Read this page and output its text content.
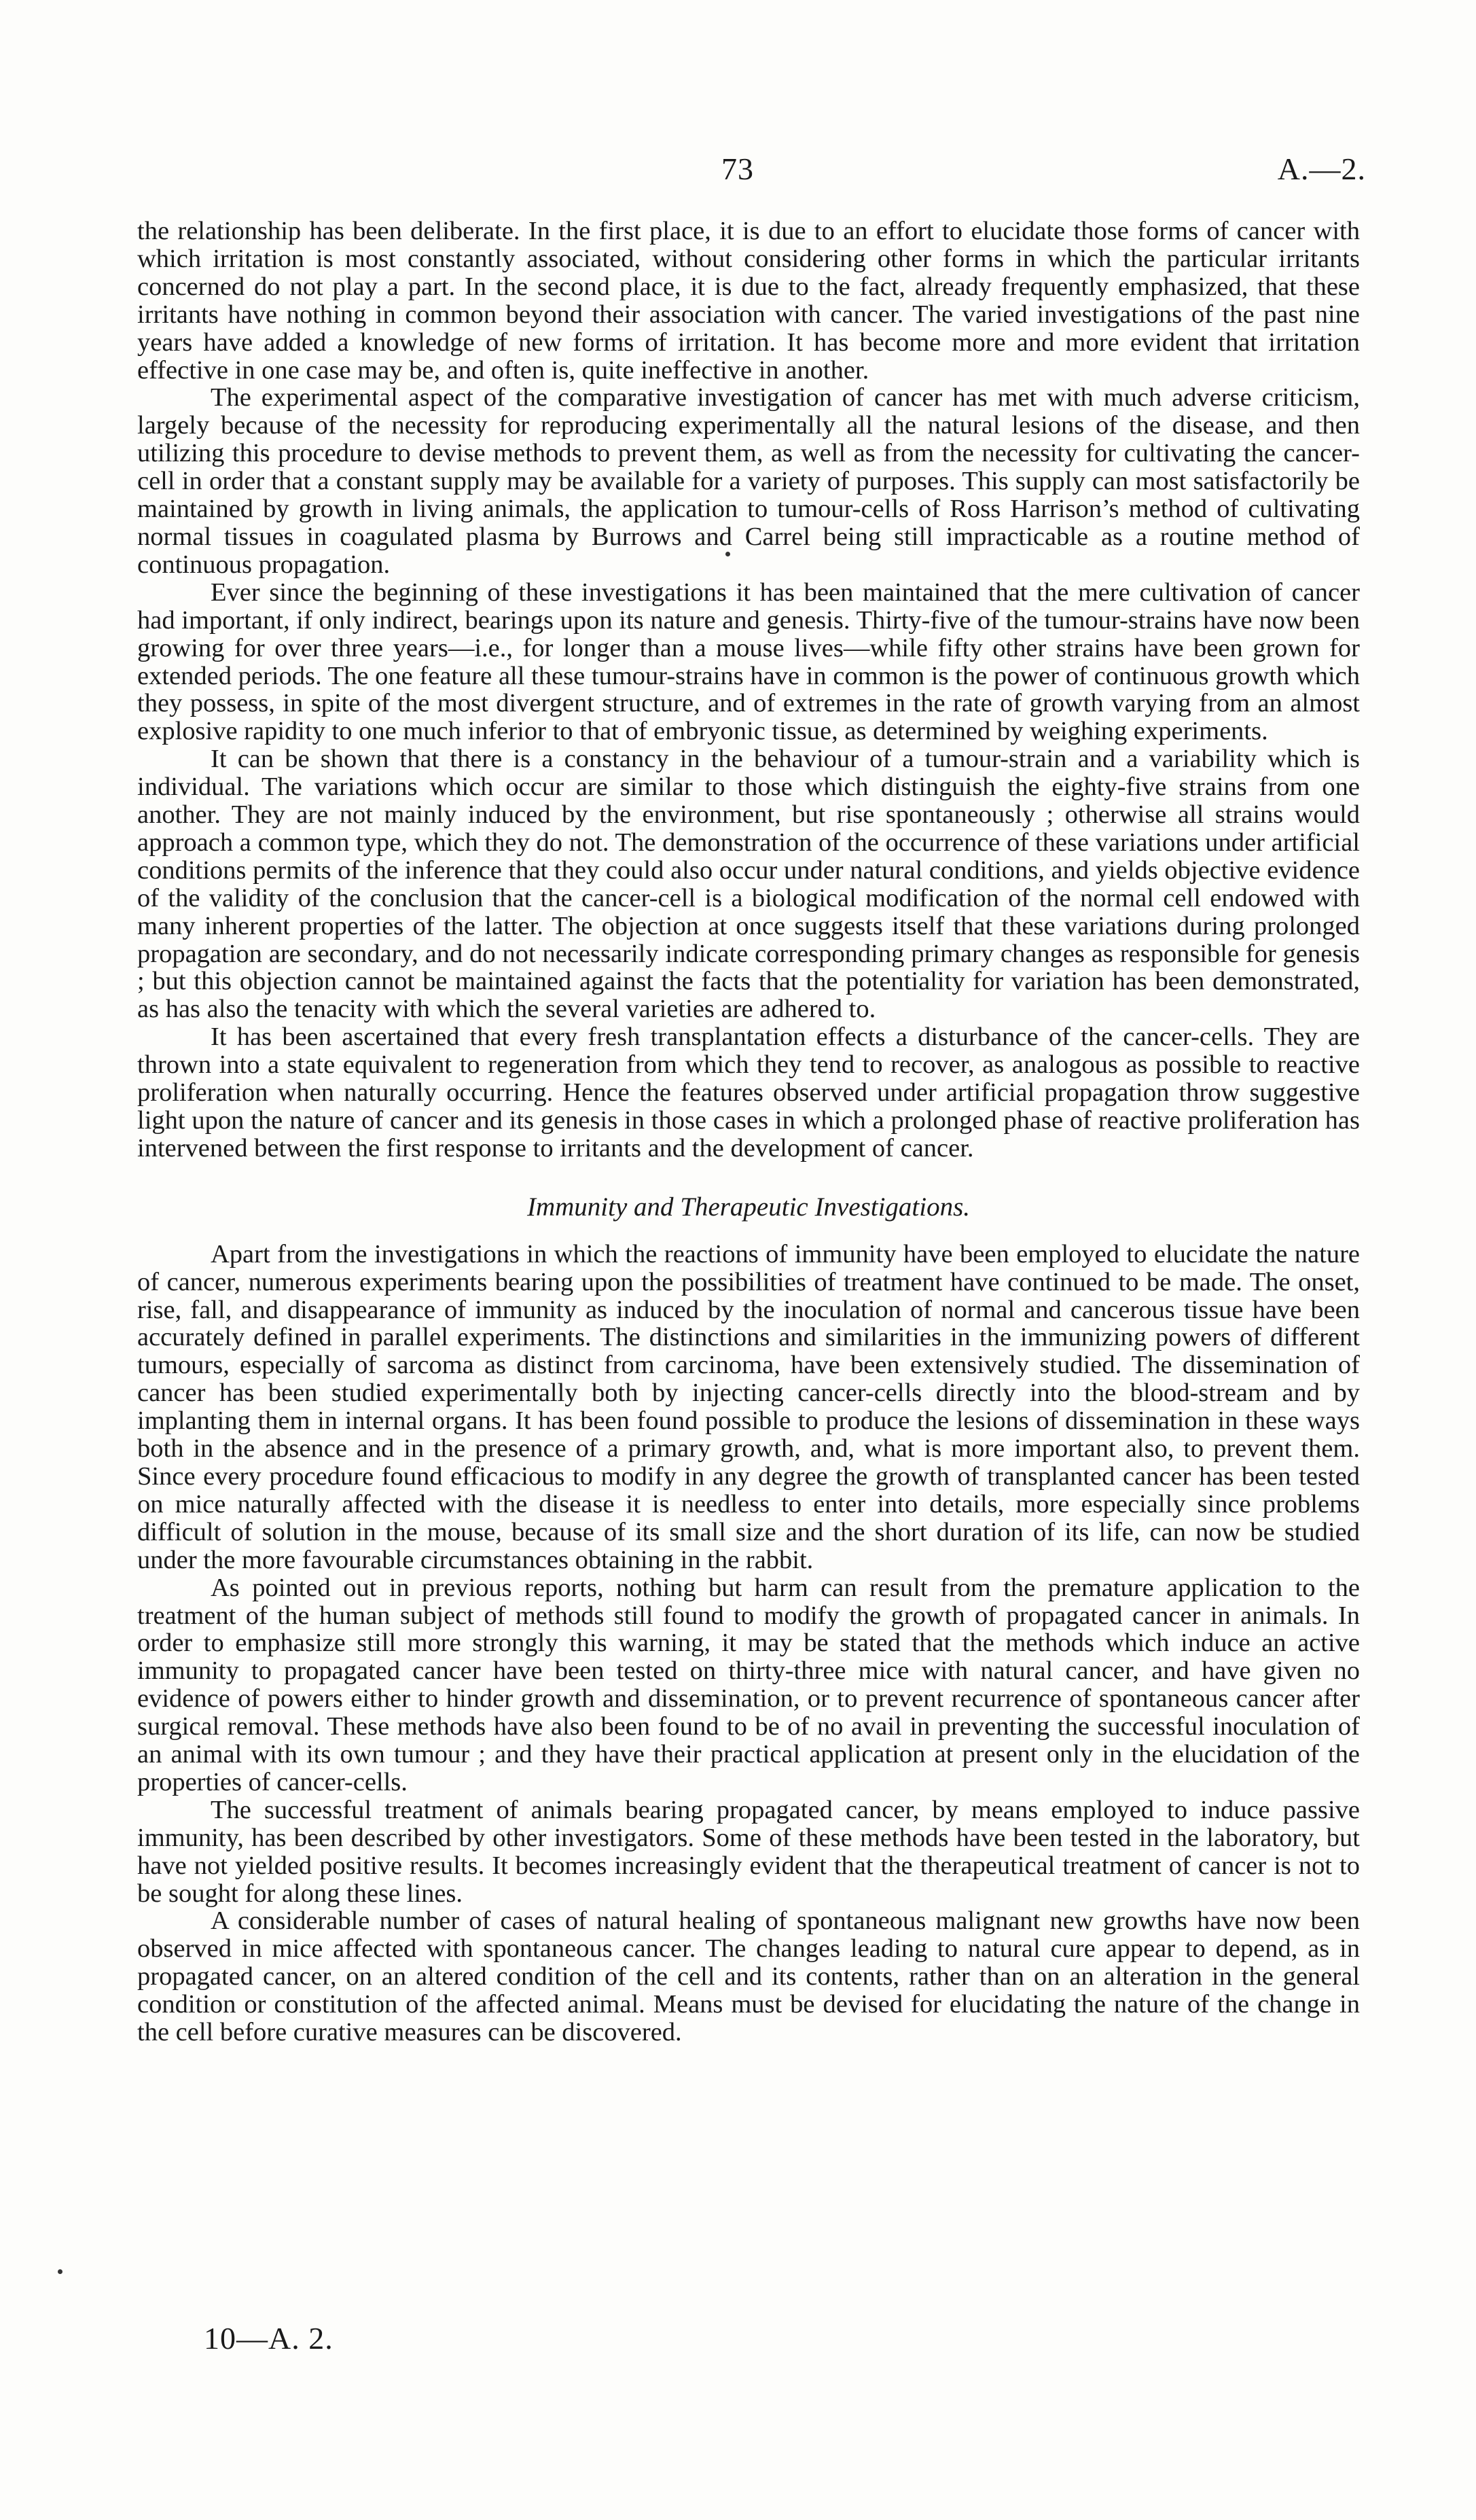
73	A.—2.

the relationship has been deliberate. In the first place, it is due to an effort to elucidate those forms of cancer with which irritation is most constantly associated, without considering other forms in which the particular irritants concerned do not play a part. In the second place, it is due to the fact, already frequently emphasized, that these irritants have nothing in common beyond their association with cancer. The varied investigations of the past nine years have added a knowledge of new forms of irritation. It has become more and more evident that irritation effective in one case may be, and often is, quite ineffective in another.

The experimental aspect of the comparative investigation of cancer has met with much adverse criticism, largely because of the necessity for reproducing experimentally all the natural lesions of the disease, and then utilizing this procedure to devise methods to prevent them, as well as from the necessity for cultivating the cancer-cell in order that a constant supply may be available for a variety of purposes. This supply can most satisfactorily be maintained by growth in living animals, the application to tumour-cells of Ross Harrison’s method of cultivating normal tissues in coagulated plasma by Burrows and Carrel being still impracticable as a routine method of continuous propagation.

Ever since the beginning of these investigations it has been maintained that the mere cultivation of cancer had important, if only indirect, bearings upon its nature and genesis. Thirty-five of the tumour-strains have now been growing for over three years—i.e., for longer than a mouse lives—while fifty other strains have been grown for extended periods. The one feature all these tumour-strains have in common is the power of continuous growth which they possess, in spite of the most divergent structure, and of extremes in the rate of growth varying from an almost explosive rapidity to one much inferior to that of embryonic tissue, as determined by weighing experiments.

It can be shown that there is a constancy in the behaviour of a tumour-strain and a variability which is individual. The variations which occur are similar to those which distinguish the eighty-five strains from one another. They are not mainly induced by the environment, but rise spontaneously ; otherwise all strains would approach a common type, which they do not. The demonstration of the occurrence of these variations under artificial conditions permits of the inference that they could also occur under natural conditions, and yields objective evidence of the validity of the conclusion that the cancer-cell is a biological modification of the normal cell endowed with many inherent properties of the latter. The objection at once suggests itself that these variations during prolonged propagation are secondary, and do not necessarily indicate corresponding primary changes as responsible for genesis ; but this objection cannot be maintained against the facts that the potentiality for variation has been demonstrated, as has also the tenacity with which the several varieties are adhered to.

It has been ascertained that every fresh transplantation effects a disturbance of the cancer-cells. They are thrown into a state equivalent to regeneration from which they tend to recover, as analogous as possible to reactive proliferation when naturally occurring. Hence the features observed under artificial propagation throw suggestive light upon the nature of cancer and its genesis in those cases in which a prolonged phase of reactive proliferation has intervened between the first response to irritants and the development of cancer.

Immunity and Therapeutic Investigations.

Apart from the investigations in which the reactions of immunity have been employed to elucidate the nature of cancer, numerous experiments bearing upon the possibilities of treatment have continued to be made. The onset, rise, fall, and disappearance of immunity as induced by the inoculation of normal and cancerous tissue have been accurately defined in parallel experiments. The distinctions and similarities in the immunizing powers of different tumours, especially of sarcoma as distinct from carcinoma, have been extensively studied. The dissemination of cancer has been studied experimentally both by injecting cancer-cells directly into the blood-stream and by implanting them in internal organs. It has been found possible to produce the lesions of dissemination in these ways both in the absence and in the presence of a primary growth, and, what is more important also, to prevent them. Since every procedure found efficacious to modify in any degree the growth of transplanted cancer has been tested on mice naturally affected with the disease it is needless to enter into details, more especially since problems difficult of solution in the mouse, because of its small size and the short duration of its life, can now be studied under the more favourable circumstances obtaining in the rabbit.

As pointed out in previous reports, nothing but harm can result from the premature application to the treatment of the human subject of methods still found to modify the growth of propagated cancer in animals. In order to emphasize still more strongly this warning, it may be stated that the methods which induce an active immunity to propagated cancer have been tested on thirty-three mice with natural cancer, and have given no evidence of powers either to hinder growth and dissemination, or to prevent recurrence of spontaneous cancer after surgical removal. These methods have also been found to be of no avail in preventing the successful inoculation of an animal with its own tumour ; and they have their practical application at present only in the elucidation of the properties of cancer-cells.

The successful treatment of animals bearing propagated cancer, by means employed to induce passive immunity, has been described by other investigators. Some of these methods have been tested in the laboratory, but have not yielded positive results. It becomes increasingly evident that the therapeutical treatment of cancer is not to be sought for along these lines.

A considerable number of cases of natural healing of spontaneous malignant new growths have now been observed in mice affected with spontaneous cancer. The changes leading to natural cure appear to depend, as in propagated cancer, on an altered condition of the cell and its contents, rather than on an alteration in the general condition or constitution of the affected animal. Means must be devised for elucidating the nature of the change in the cell before curative measures can be discovered.

10—A. 2.
